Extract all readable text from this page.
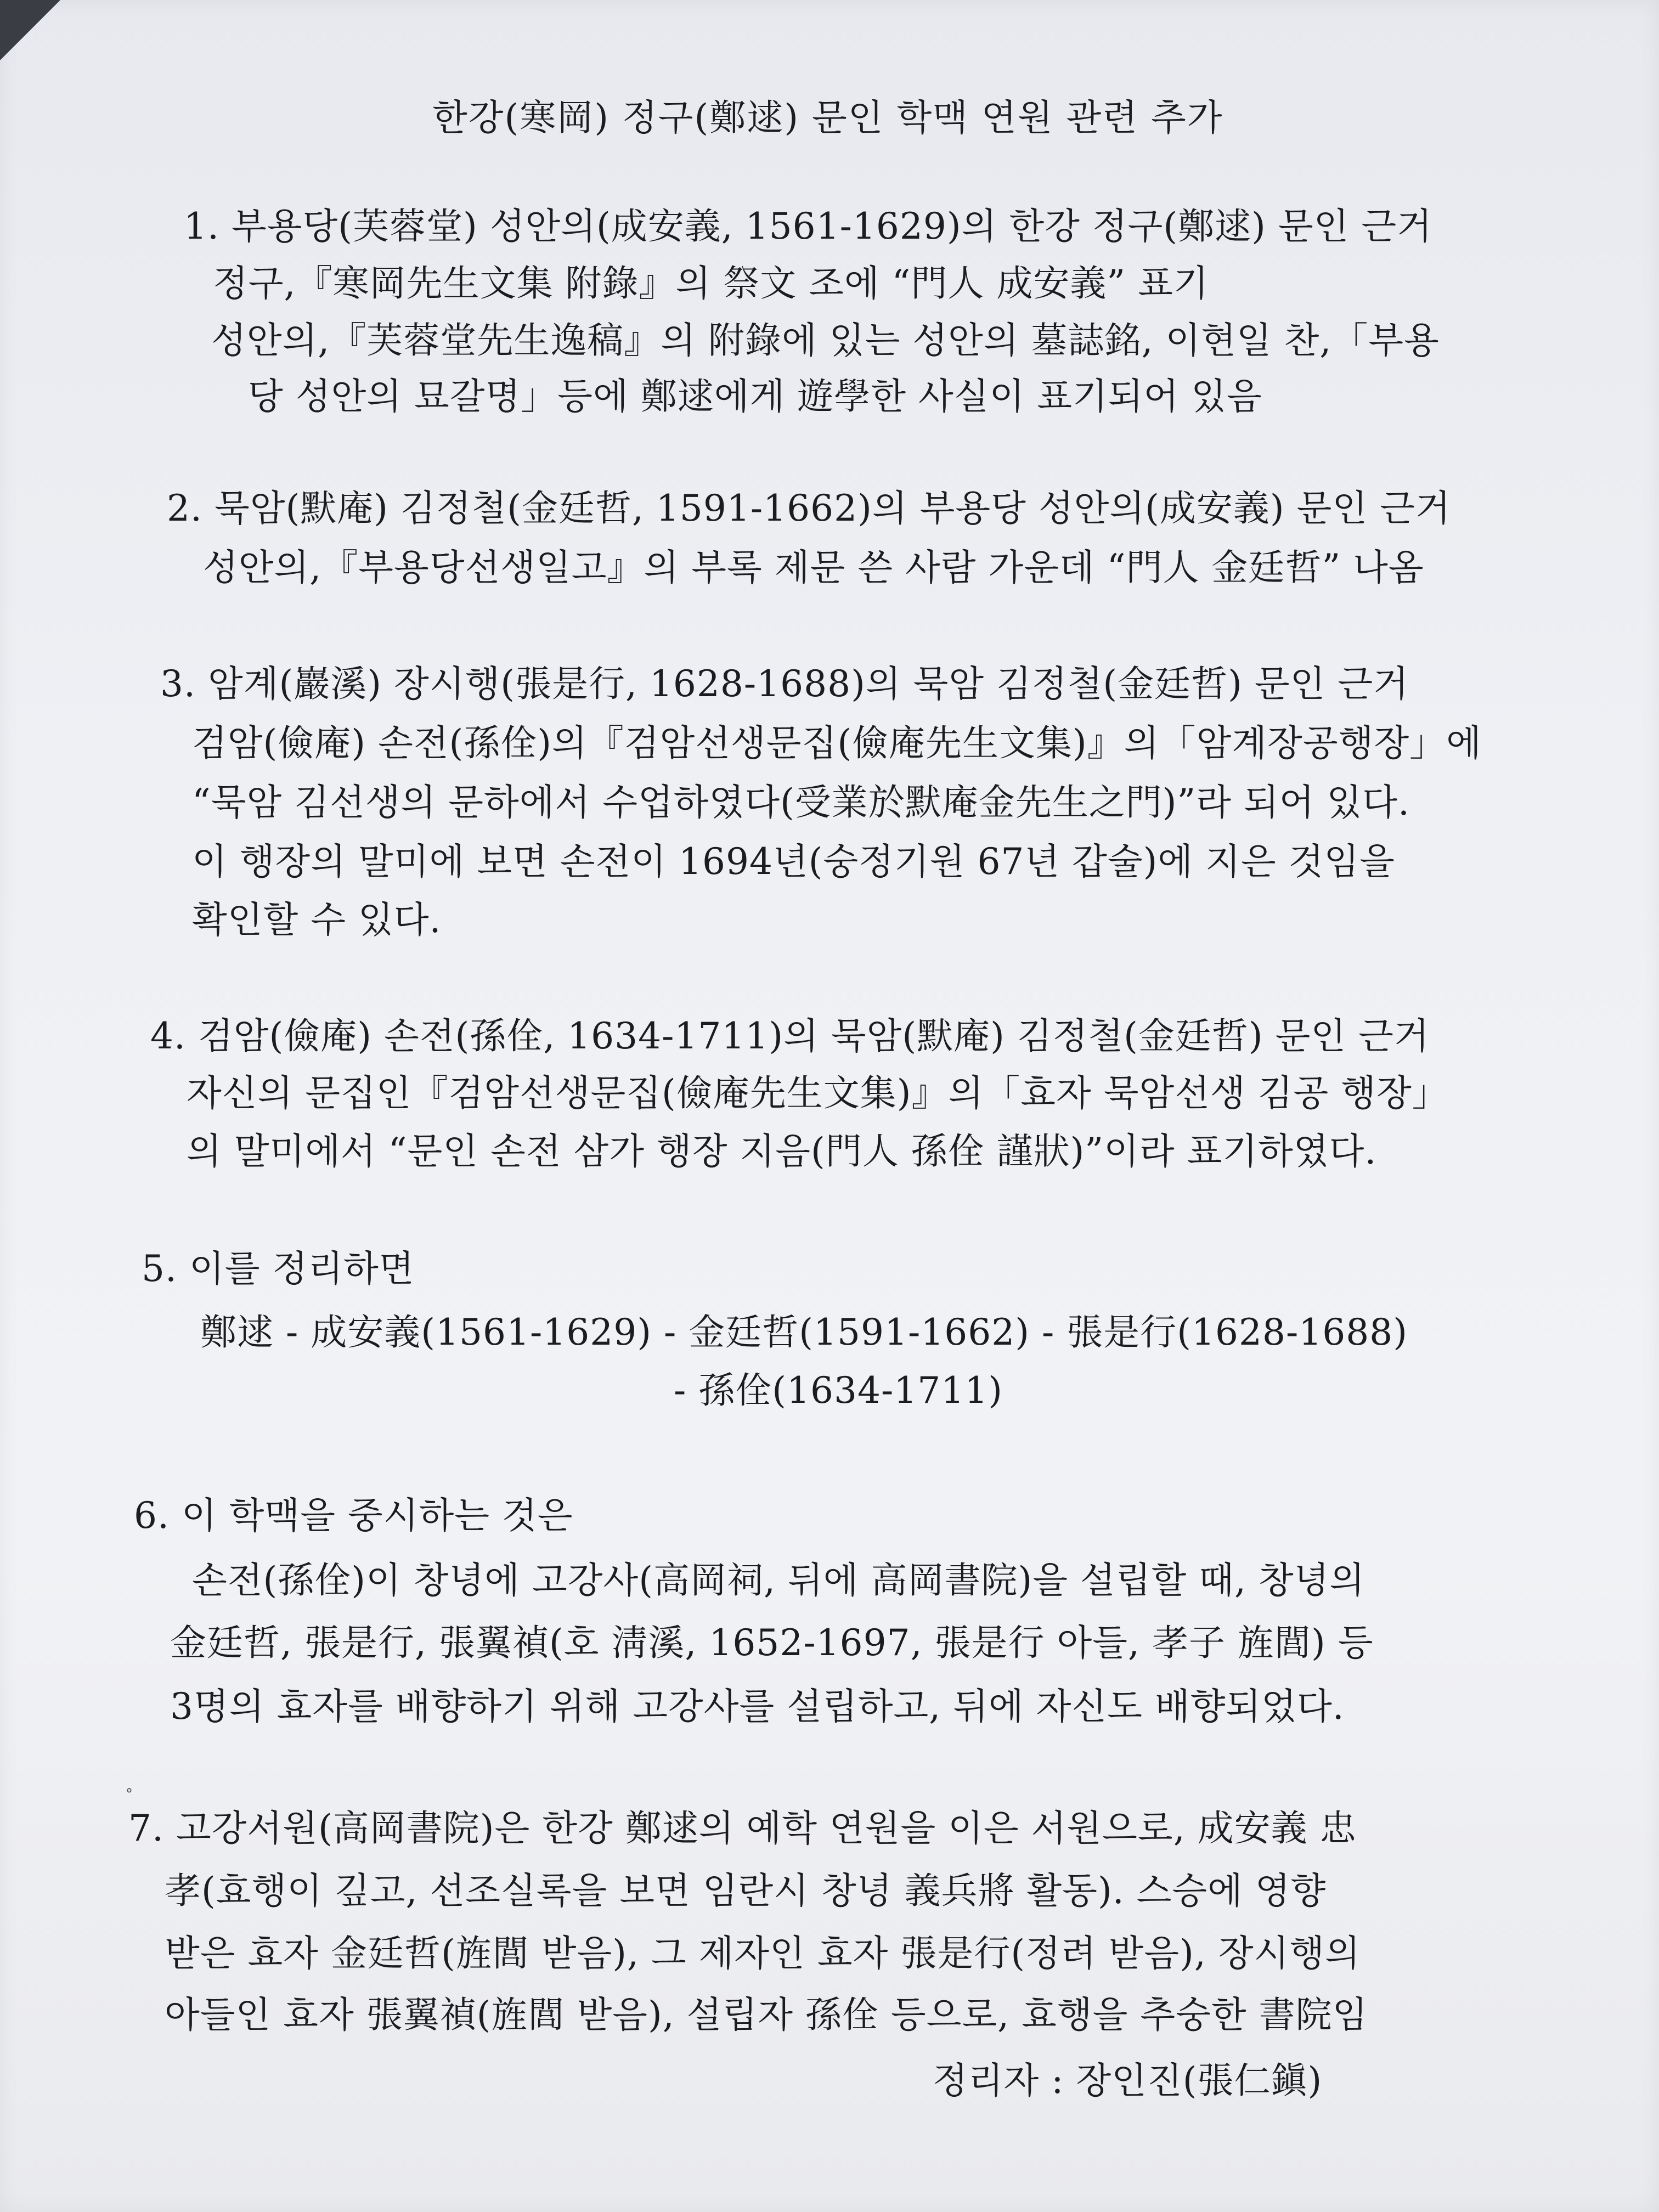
한강(寒岡) 정구(鄭逑) 문인 학맥 연원 관련 추가
1. 부용당(芙蓉堂) 성안의(成安義, 1561-1629)의 한강 정구(鄭逑) 문인 근거
정구,『寒岡先生文集 附錄』의 祭文 조에 “門人 成安義” 표기
성안의,『芙蓉堂先生逸稿』의 附錄에 있는 성안의 墓誌銘, 이현일 찬,「부용
당 성안의 묘갈명」등에 鄭逑에게 遊學한 사실이 표기되어 있음
2. 묵암(默庵) 김정철(金廷哲, 1591-1662)의 부용당 성안의(成安義) 문인 근거
성안의,『부용당선생일고』의 부록 제문 쓴 사람 가운데 “門人 金廷哲” 나옴
3. 암계(巖溪) 장시행(張是行, 1628-1688)의 묵암 김정철(金廷哲) 문인 근거
검암(儉庵) 손전(孫佺)의『검암선생문집(儉庵先生文集)』의「암계장공행장」에
“묵암 김선생의 문하에서 수업하였다(受業於默庵金先生之門)”라 되어 있다.
이 행장의 말미에 보면 손전이 1694년(숭정기원 67년 갑술)에 지은 것임을
확인할 수 있다.
4. 검암(儉庵) 손전(孫佺, 1634-1711)의 묵암(默庵) 김정철(金廷哲) 문인 근거
자신의 문집인『검암선생문집(儉庵先生文集)』의「효자 묵암선생 김공 행장」
의 말미에서 “문인 손전 삼가 행장 지음(門人 孫佺 謹狀)”이라 표기하였다.
5. 이를 정리하면
鄭逑 - 成安義(1561-1629) - 金廷哲(1591-1662) - 張是行(1628-1688)
- 孫佺(1634-1711)
6. 이 학맥을 중시하는 것은
손전(孫佺)이 창녕에 고강사(高岡祠, 뒤에 高岡書院)을 설립할 때, 창녕의
金廷哲, 張是行, 張翼禎(호 淸溪, 1652-1697, 張是行 아들, 孝子 旌閭) 등
3명의 효자를 배향하기 위해 고강사를 설립하고, 뒤에 자신도 배향되었다.
°
7. 고강서원(高岡書院)은 한강 鄭逑의 예학 연원을 이은 서원으로, 成安義 忠
孝(효행이 깊고, 선조실록을 보면 임란시 창녕 義兵將 활동). 스승에 영향
받은 효자 金廷哲(旌閭 받음), 그 제자인 효자 張是行(정려 받음), 장시행의
아들인 효자 張翼禎(旌閭 받음), 설립자 孫佺 등으로, 효행을 추숭한 書院임
정리자 : 장인진(張仁鎭)
